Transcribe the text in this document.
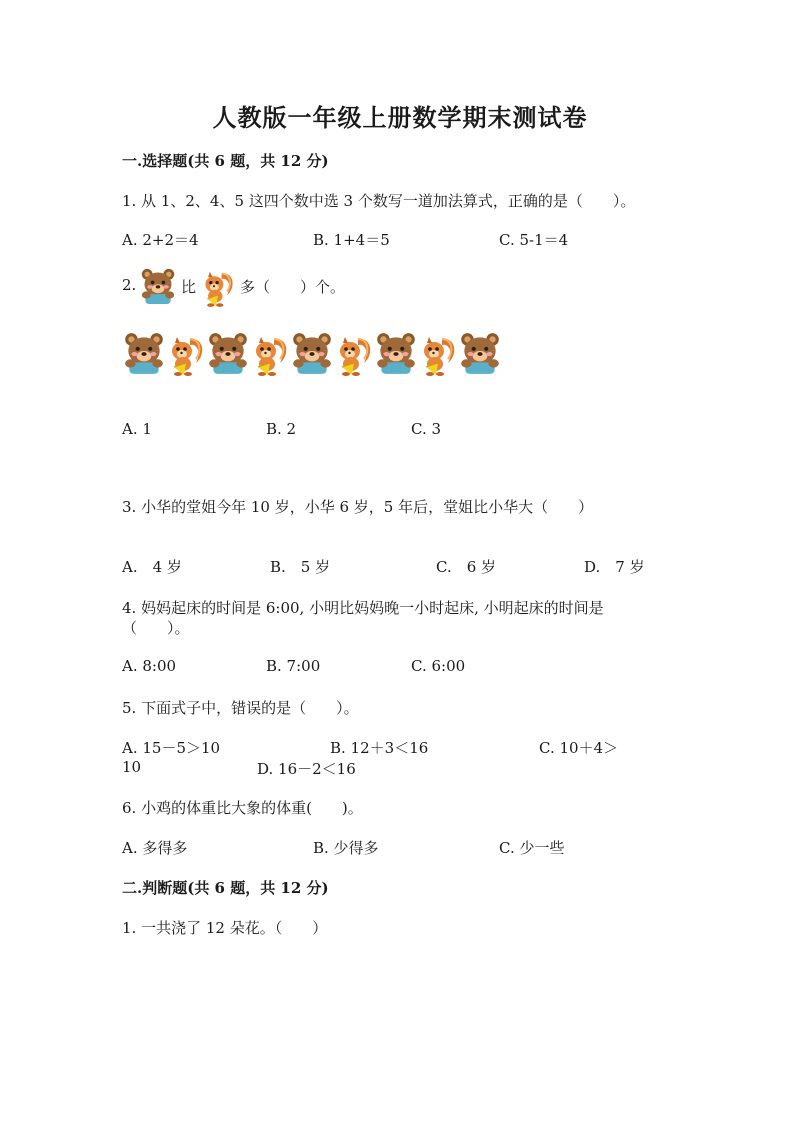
人教版一年级上册数学期末测试卷
一.选择题(共 6 题，共 12 分)
1. 从 1、2、4、5 这四个数中选 3 个数写一道加法算式，正确的是（　　）。
A. 2+2＝4	B. 1+4＝5	C. 5-1＝4
2.	比	多（　　）个。
A. 1	B. 2	C. 3
3. 小华的堂姐今年 10 岁，小华 6 岁，5 年后，堂姐比小华大（　　）
A.　4 岁	B.　5 岁	C.　6 岁	D.　7 岁
4. 妈妈起床的时间是 6:00, 小明比妈妈晚一小时起床, 小明起床的时间是
（　　）。
A. 8:00	B. 7:00	C. 6:00
5. 下面式子中，错误的是（　　）。
A. 15－5＞10	B. 12＋3＜16	C. 10＋4＞
10	D. 16－2＜16
6. 小鸡的体重比大象的体重(　　)。
A. 多得多	B. 少得多	C. 少一些
二.判断题(共 6 题，共 12 分)
1. 一共浇了 12 朵花。（　　）
